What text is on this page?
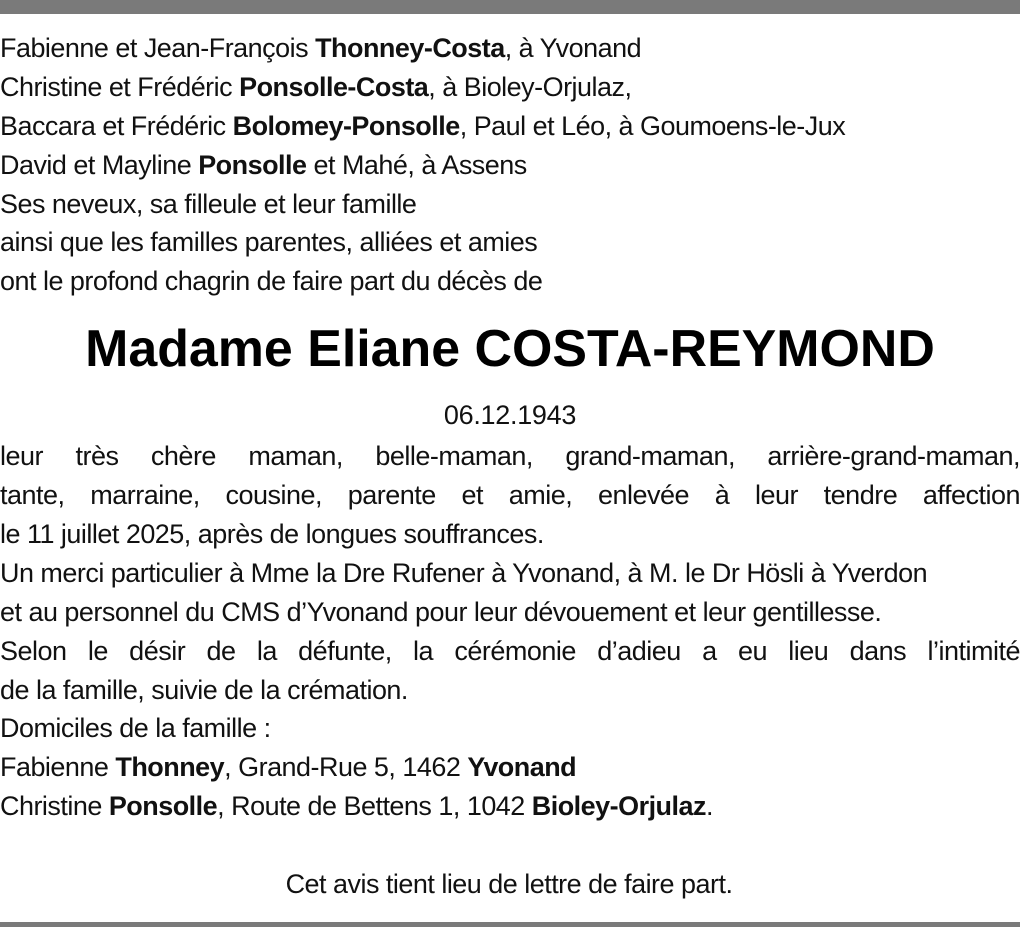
Fabienne et Jean-François Thonney-Costa, à Yvonand
Christine et Frédéric Ponsolle-Costa, à Bioley-Orjulaz,
Baccara et Frédéric Bolomey-Ponsolle, Paul et Léo, à Goumoens-le-Jux
David et Mayline Ponsolle et Mahé, à Assens
Ses neveux, sa filleule et leur famille
ainsi que les familles parentes, alliées et amies
ont le profond chagrin de faire part du décès de
Madame Eliane COSTA-REYMOND
06.12.1943
leur très chère maman, belle-maman, grand-maman, arrière-grand-maman,
tante, marraine, cousine, parente et amie, enlevée à leur tendre affection
le 11 juillet 2025, après de longues souffrances.
Un merci particulier à Mme la Dre Rufener à Yvonand, à M. le Dr Hösli à Yverdon
et au personnel du CMS d’Yvonand pour leur dévouement et leur gentillesse.
Selon le désir de la défunte, la cérémonie d’adieu a eu lieu dans l’intimité
de la famille, suivie de la crémation.
Domiciles de la famille :
Fabienne Thonney, Grand-Rue 5, 1462 Yvonand
Christine Ponsolle, Route de Bettens 1, 1042 Bioley-Orjulaz.
Cet avis tient lieu de lettre de faire part.
